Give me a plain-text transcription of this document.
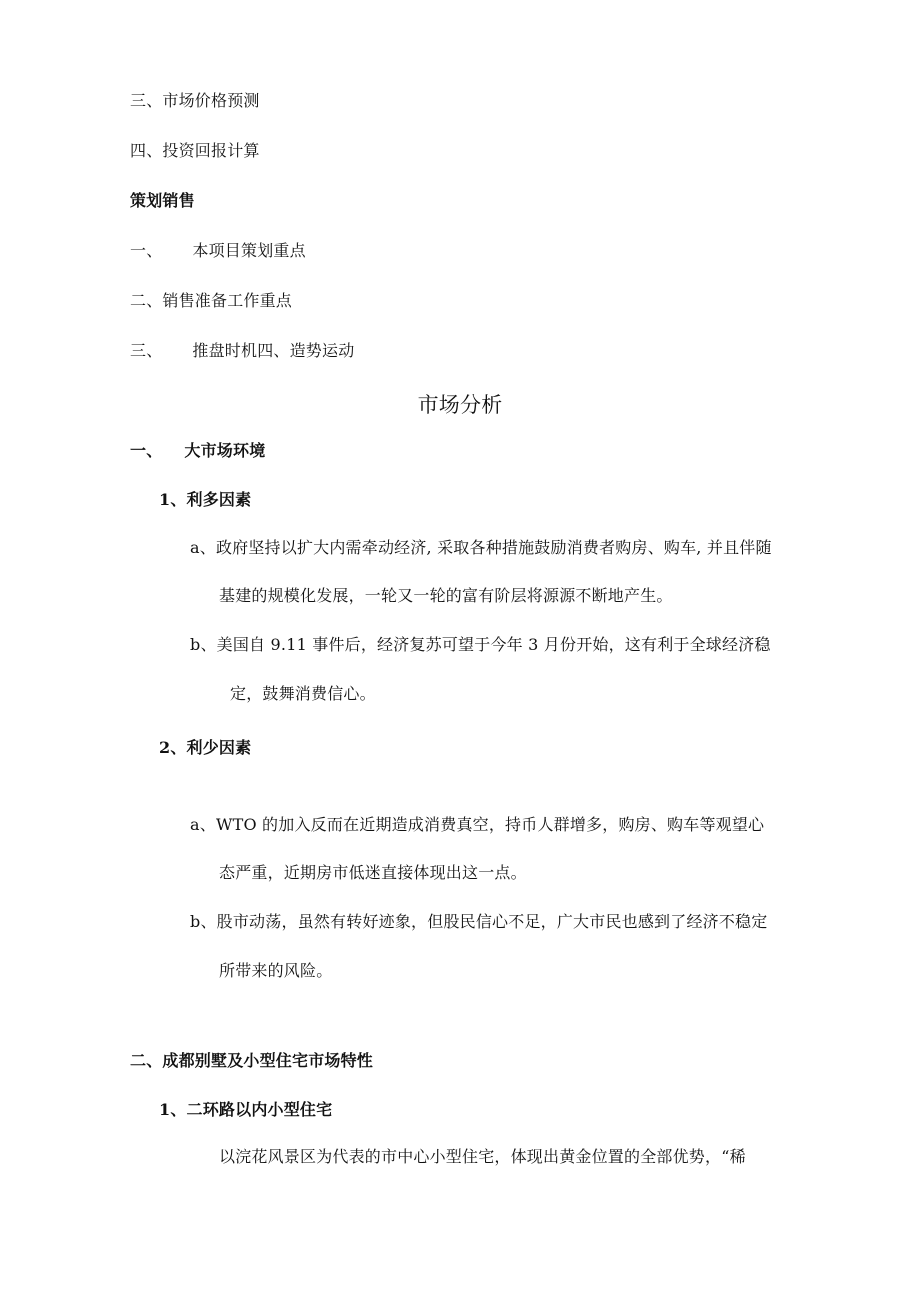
三、市场价格预测
四、投资回报计算
策划销售
一、 本项目策划重点
二、销售准备工作重点
三、 推盘时机四、造势运动
市场分析
一、 大市场环境
1、利多因素
a、政府坚持以扩大内需牵动经济, 采取各种措施鼓励消费者购房、购车, 并且伴随
基建的规模化发展，一轮又一轮的富有阶层将源源不断地产生。
b、美国自 9.11 事件后，经济复苏可望于今年 3 月份开始，这有利于全球经济稳
定，鼓舞消费信心。
2、利少因素
a、WTO 的加入反而在近期造成消费真空，持币人群增多，购房、购车等观望心
态严重，近期房市低迷直接体现出这一点。
b、股市动荡，虽然有转好迹象，但股民信心不足，广大市民也感到了经济不稳定
所带来的风险。
二、成都别墅及小型住宅市场特性
1、二环路以内小型住宅
以浣花风景区为代表的市中心小型住宅，体现出黄金位置的全部优势，“稀
